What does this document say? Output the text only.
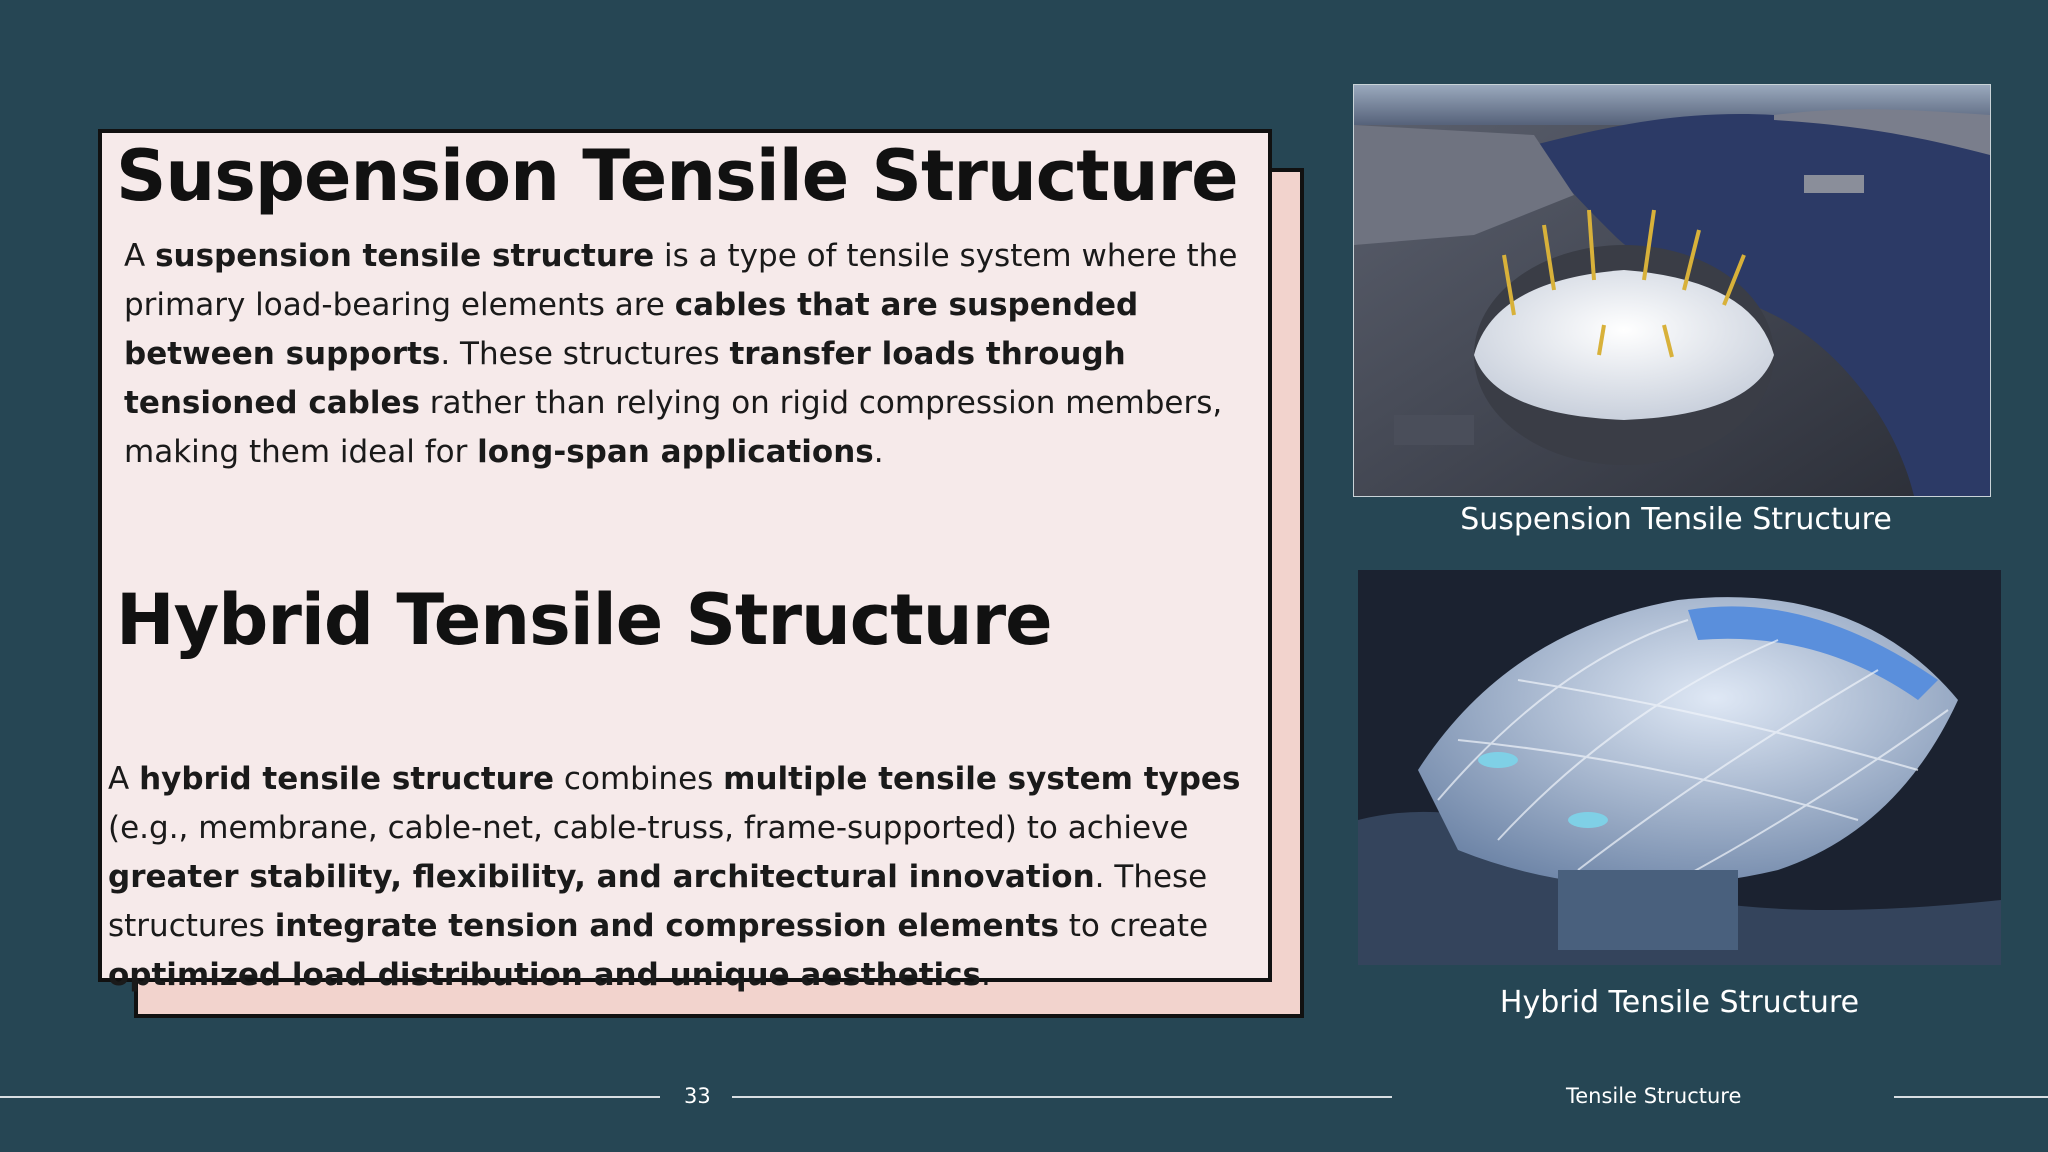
Suspension Tensile Structure

A suspension tensile structure is a type of tensile system where the primary load-bearing elements are cables that are suspended between supports. These structures transfer loads through tensioned cables rather than relying on rigid compression members, making them ideal for long-span applications.

Hybrid Tensile Structure

A hybrid tensile structure combines multiple tensile system types (e.g., membrane, cable-net, cable-truss, frame-supported) to achieve greater stability, flexibility, and architectural innovation. These structures integrate tension and compression elements to create optimized load distribution and unique aesthetics.

Suspension Tensile Structure
Hybrid Tensile Structure
33	Tensile Structure
